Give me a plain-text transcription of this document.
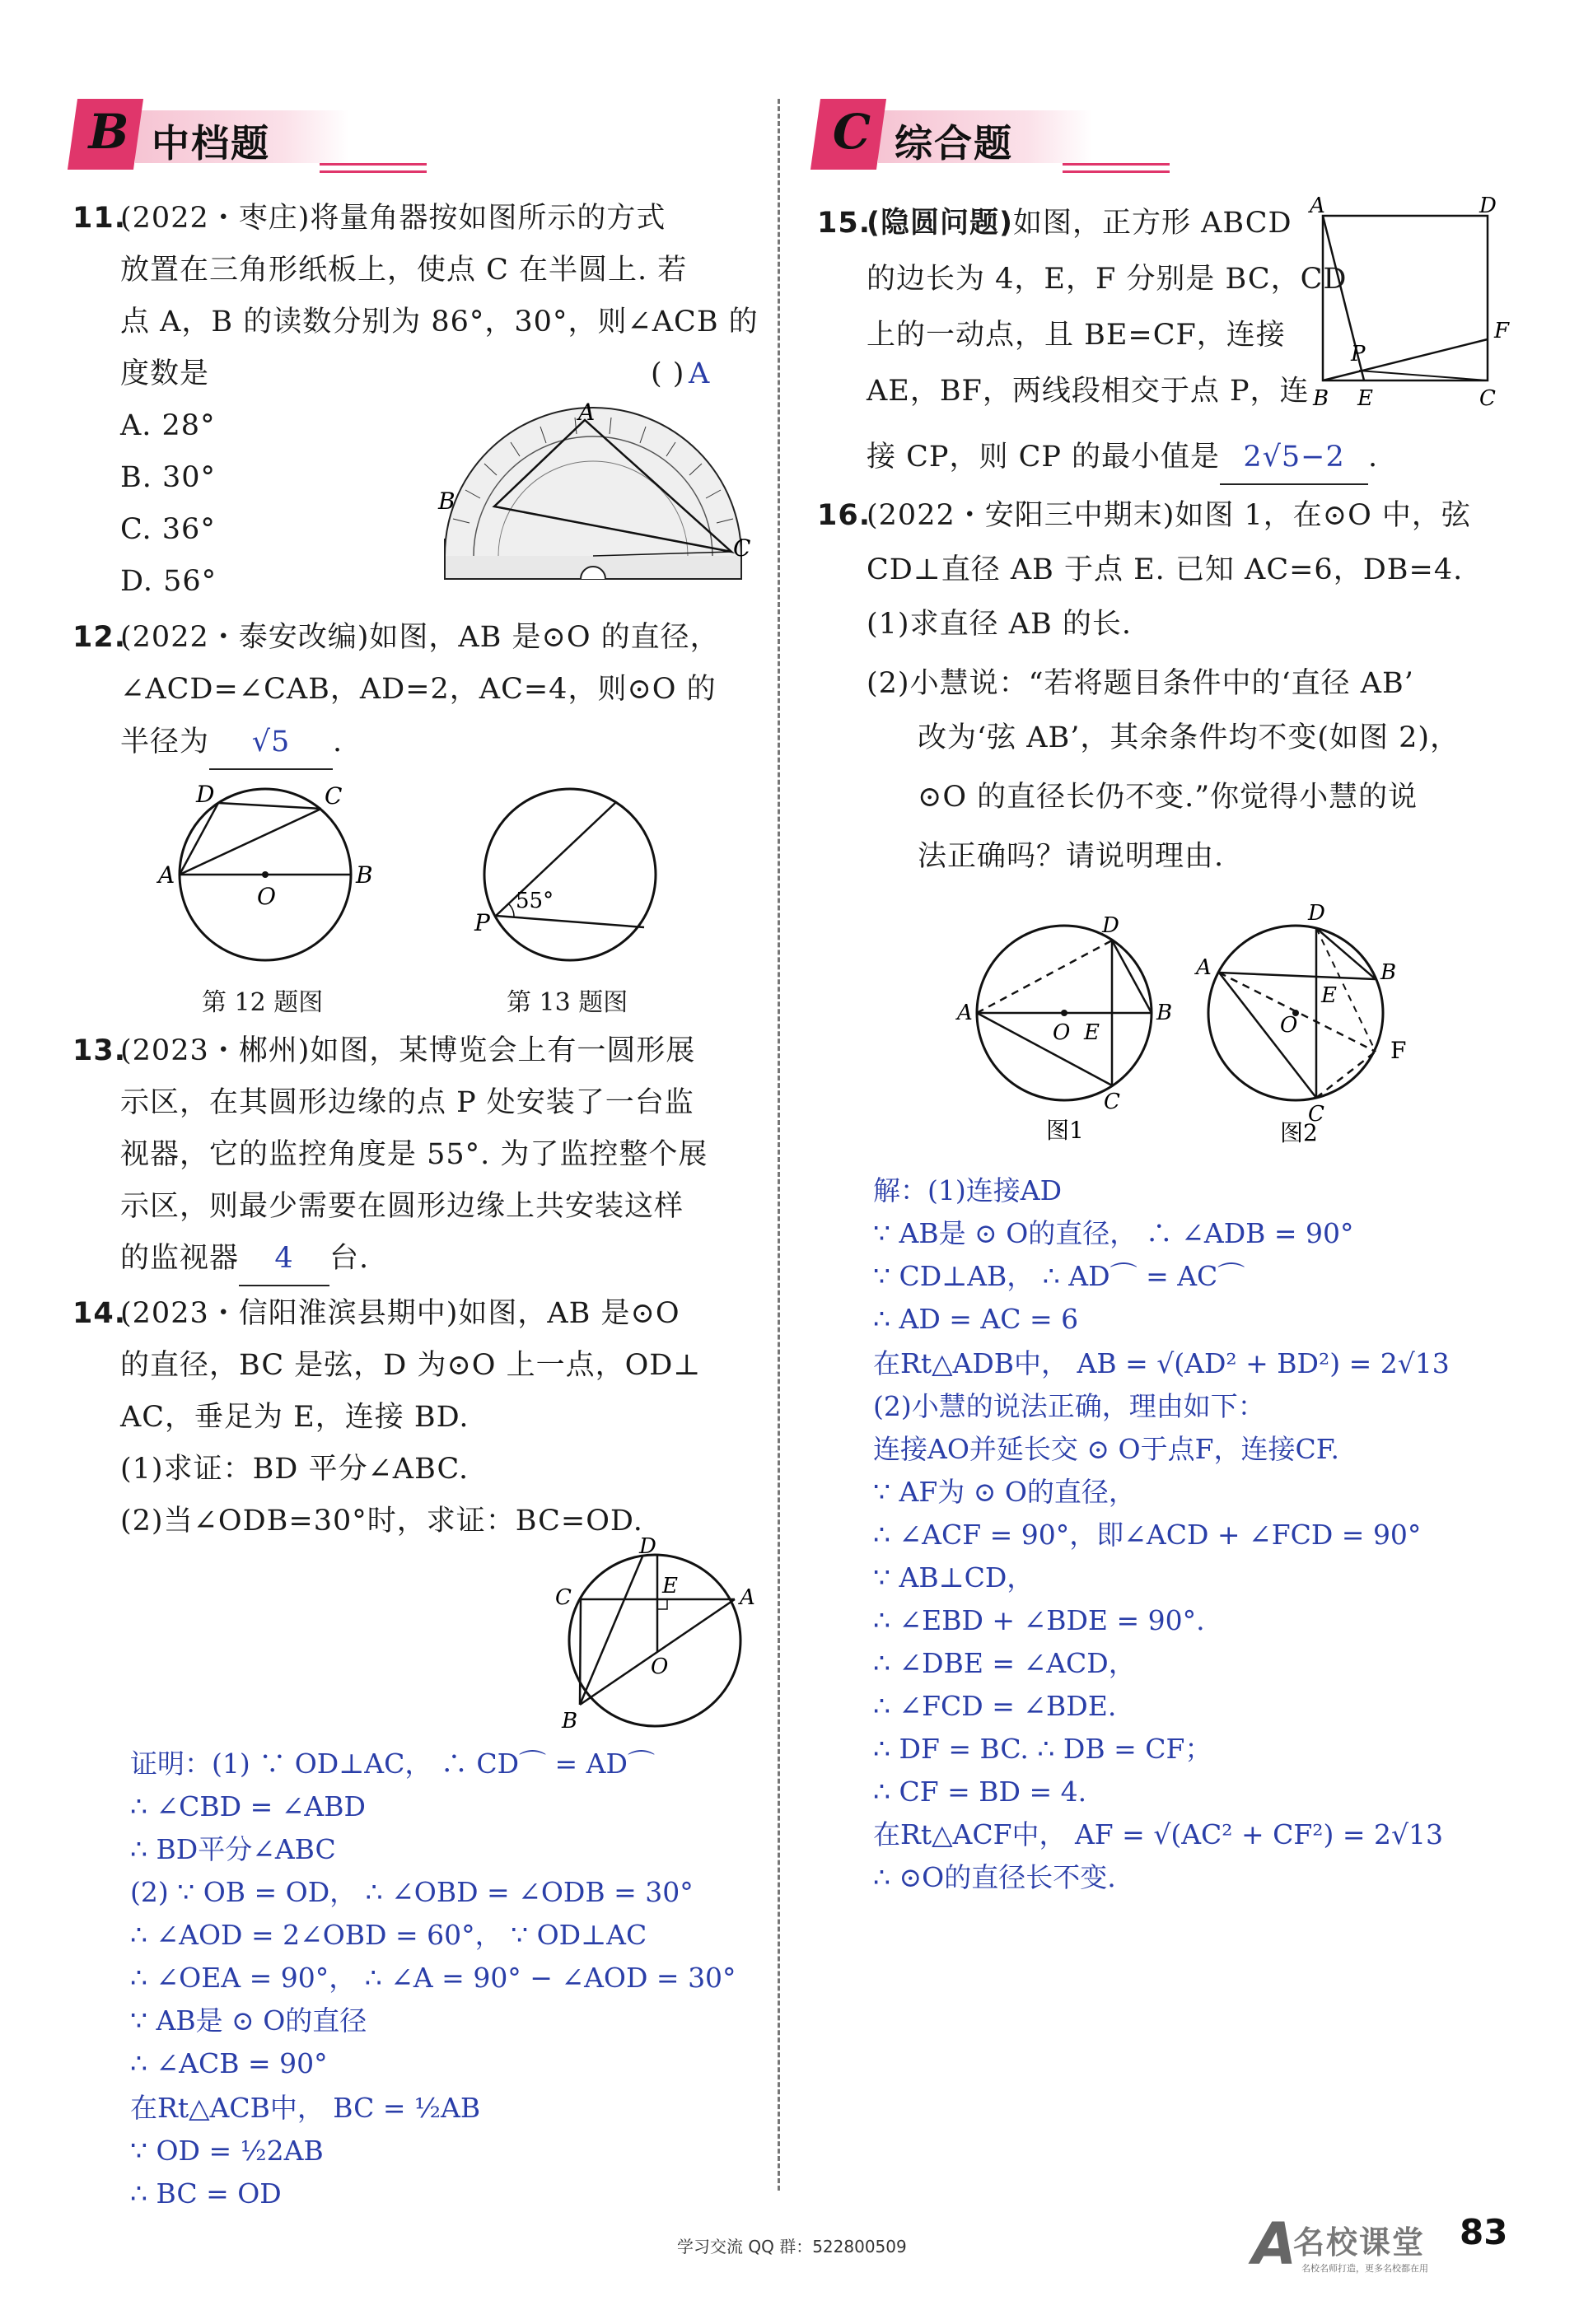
B 中档题	C 综合题
11.
(2022・枣庄)将量角器按如图所示的方式
放置在三角形纸板上，使点 C 在半圆上. 若
点 A，B 的读数分别为 86°，30°，则∠ACB 的
度数是	( ) A
A. 28°
B. 30°
C. 36°
D. 56°
A
B
C
12.
(2022・泰安改编)如图，AB 是⊙O 的直径，
∠ACD=∠CAB，AD=2，AC=4，则⊙O 的
半径为 √5 .
D	C
A	B
O
第 12 题图
P
55°
第 13 题图
13.
(2023・郴州)如图，某博览会上有一圆形展
示区，在其圆形边缘的点 P 处安装了一台监
视器，它的监控角度是 55°. 为了监控整个展
示区，则最少需要在圆形边缘上共安装这样
的监视器 4 台.
14.
(2023・信阳淮滨县期中)如图，AB 是⊙O
的直径，BC 是弦，D 为⊙O 上一点，OD⊥
AC，垂足为 E，连接 BD.
(1)求证：BD 平分∠ABC.
(2)当∠ODB=30°时，求证：BC=OD.
D
C	E	A
O
B
证明：(1) ∵ OD⊥AC， ∴ CD⌒ = AD⌒
∴ ∠CBD = ∠ABD
∴ BD平分∠ABC
(2) ∵ OB = OD， ∴ ∠OBD = ∠ODB = 30°
∴ ∠AOD = 2∠OBD = 60°， ∵ OD⊥AC
∴ ∠OEA = 90°， ∴ ∠A = 90° − ∠AOD = 30°
∵ AB是 ⊙ O的直径
∴ ∠ACB = 90°
在Rt△ACB中， BC = ½AB
∵ OD = ½2AB
∴ BC = OD
15.
(隐圆问题)如图，正方形 ABCD
的边长为 4，E，F 分别是 BC，CD
上的一动点，且 BE=CF，连接
AE，BF，两线段相交于点 P，连
接 CP，则 CP 的最小值是 2√5−2 .
A	D
F
P
B E	C
16.
(2022・安阳三中期末)如图 1，在⊙O 中，弦
CD⊥直径 AB 于点 E. 已知 AC=6，DB=4.
(1)求直径 AB 的长.
(2)小慧说：“若将题目条件中的‘直径 AB’
改为‘弦 AB’，其余条件均不变(如图 2)，
⊙O 的直径长仍不变.”你觉得小慧的说
法正确吗？请说明理由.
D
A
O E
B
C
图1
D
A
E
B
O
F
C
图2
解：(1)连接AD
∵ AB是 ⊙ O的直径， ∴ ∠ADB = 90°
∵ CD⊥AB， ∴ AD⌒ = AC⌒
∴ AD = AC = 6
在Rt△ADB中， AB = √(AD² + BD²) = 2√13
(2)小慧的说法正确，理由如下：
连接AO并延长交 ⊙ O于点F，连接CF.
∵ AF为 ⊙ O的直径，
∴ ∠ACF = 90°，即∠ACD + ∠FCD = 90°
∵ AB⊥CD，
∴ ∠EBD + ∠BDE = 90°.
∴ ∠DBE = ∠ACD，
∴ ∠FCD = ∠BDE.
∴ DF = BC. ∴ DB = CF；
∴ CF = BD = 4.
在Rt△ACF中， AF = √(AC² + CF²) = 2√13
∴ ⊙O的直径长不变.
学习交流 QQ 群：522800509	A
名校课堂
名校名师打造，更多名校都在用
83
